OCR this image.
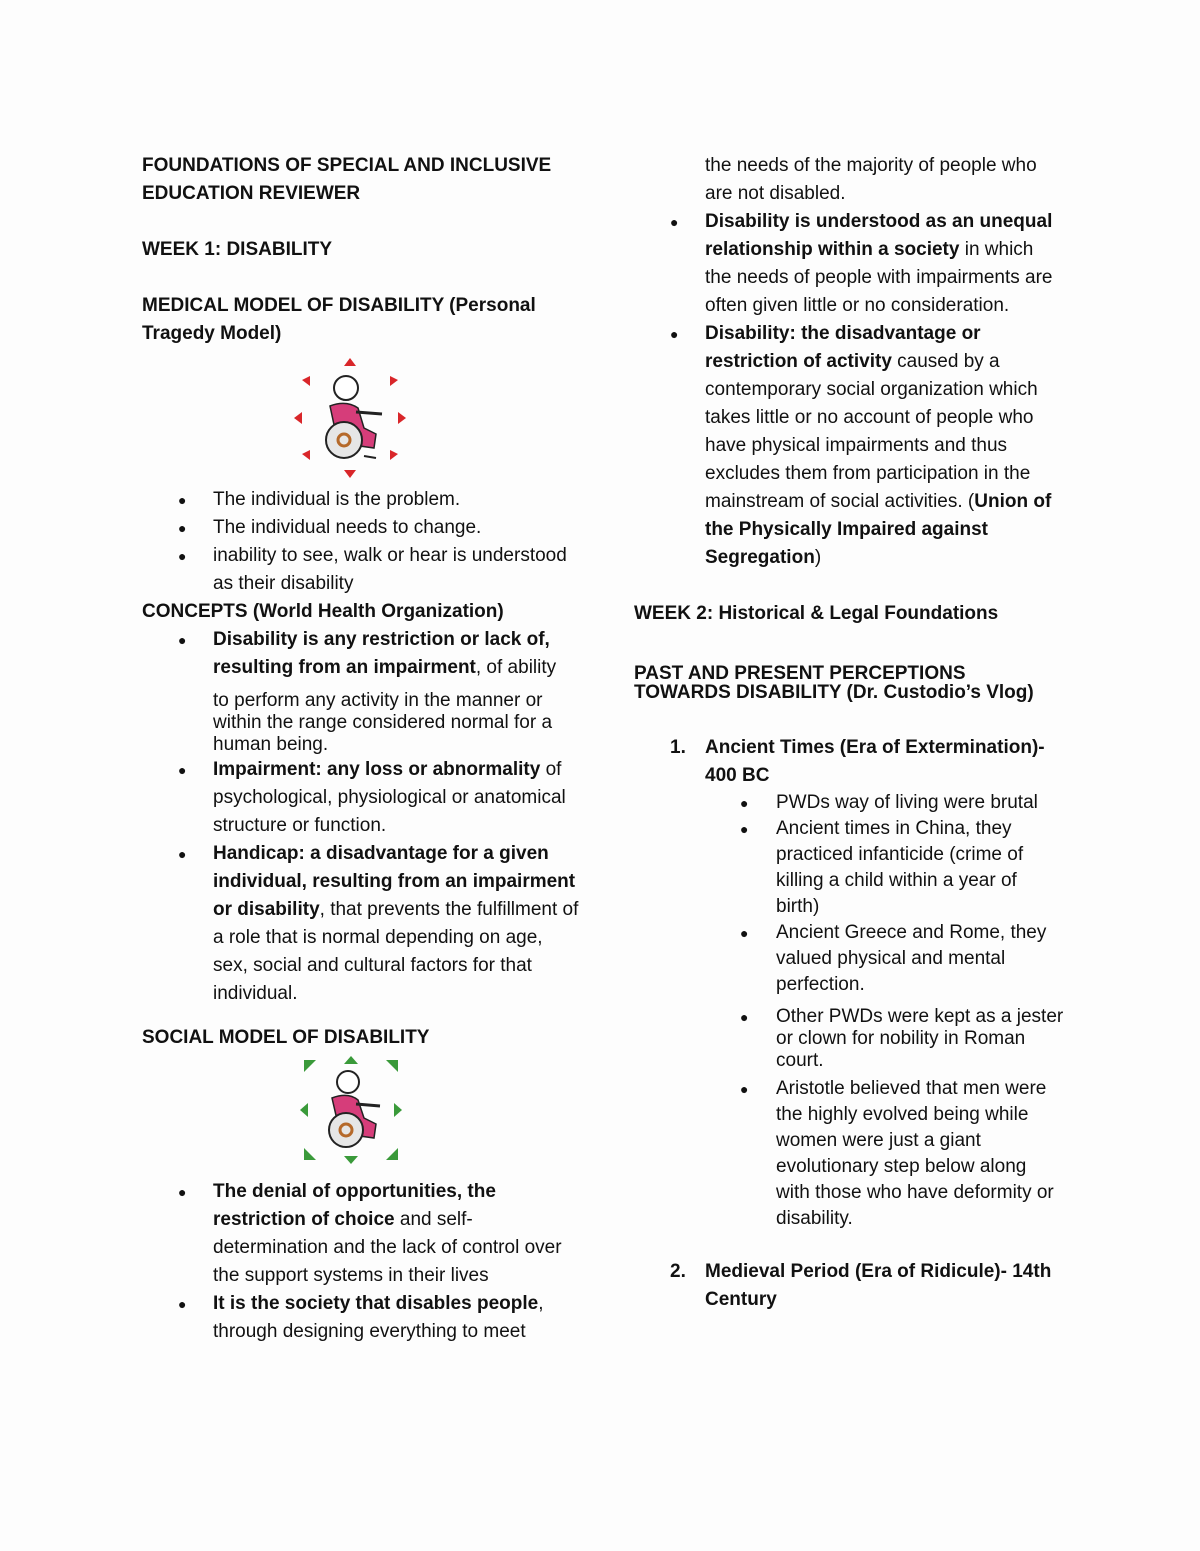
FOUNDATIONS OF SPECIAL AND INCLUSIVE
EDUCATION REVIEWER

WEEK 1: DISABILITY

MEDICAL MODEL OF DISABILITY (Personal Tragedy Model)

● The individual is the problem.
● The individual needs to change.
● inability to see, walk or hear is understood as their disability

CONCEPTS (World Health Organization)

● Disability is any restriction or lack of, resulting from an impairment, of ability

to perform any activity in the manner or within the range considered normal for a human being.

● Impairment: any loss or abnormality of psychological, physiological or anatomical structure or function.
● Handicap: a disadvantage for a given individual, resulting from an impairment or disability, that prevents the fulfillment of a role that is normal depending on age, sex, social and cultural factors for that individual.

SOCIAL MODEL OF DISABILITY

● The denial of opportunities, the restriction of choice and self-determination and the lack of control over the support systems in their lives
● It is the society that disables people, through designing everything to meet

the needs of the majority of people who are not disabled.

● Disability is understood as an unequal relationship within a society in which the needs of people with impairments are often given little or no consideration.
● Disability: the disadvantage or restriction of activity caused by a contemporary social organization which takes little or no account of people who have physical impairments and thus excludes them from participation in the mainstream of social activities. (Union of the Physically Impaired against Segregation)

WEEK 2: Historical & Legal Foundations

PAST AND PRESENT PERCEPTIONS TOWARDS DISABILITY (Dr. Custodio’s Vlog)

1. Ancient Times (Era of Extermination)- 400 BC
● PWDs way of living were brutal
● Ancient times in China, they practiced infanticide (crime of killing a child within a year of birth)
● Ancient Greece and Rome, they valued physical and mental perfection.
● Other PWDs were kept as a jester or clown for nobility in Roman court.
● Aristotle believed that men were the highly evolved being while women were just a giant evolutionary step below along with those who have deformity or disability.
2. Medieval Period (Era of Ridicule)- 14th Century
